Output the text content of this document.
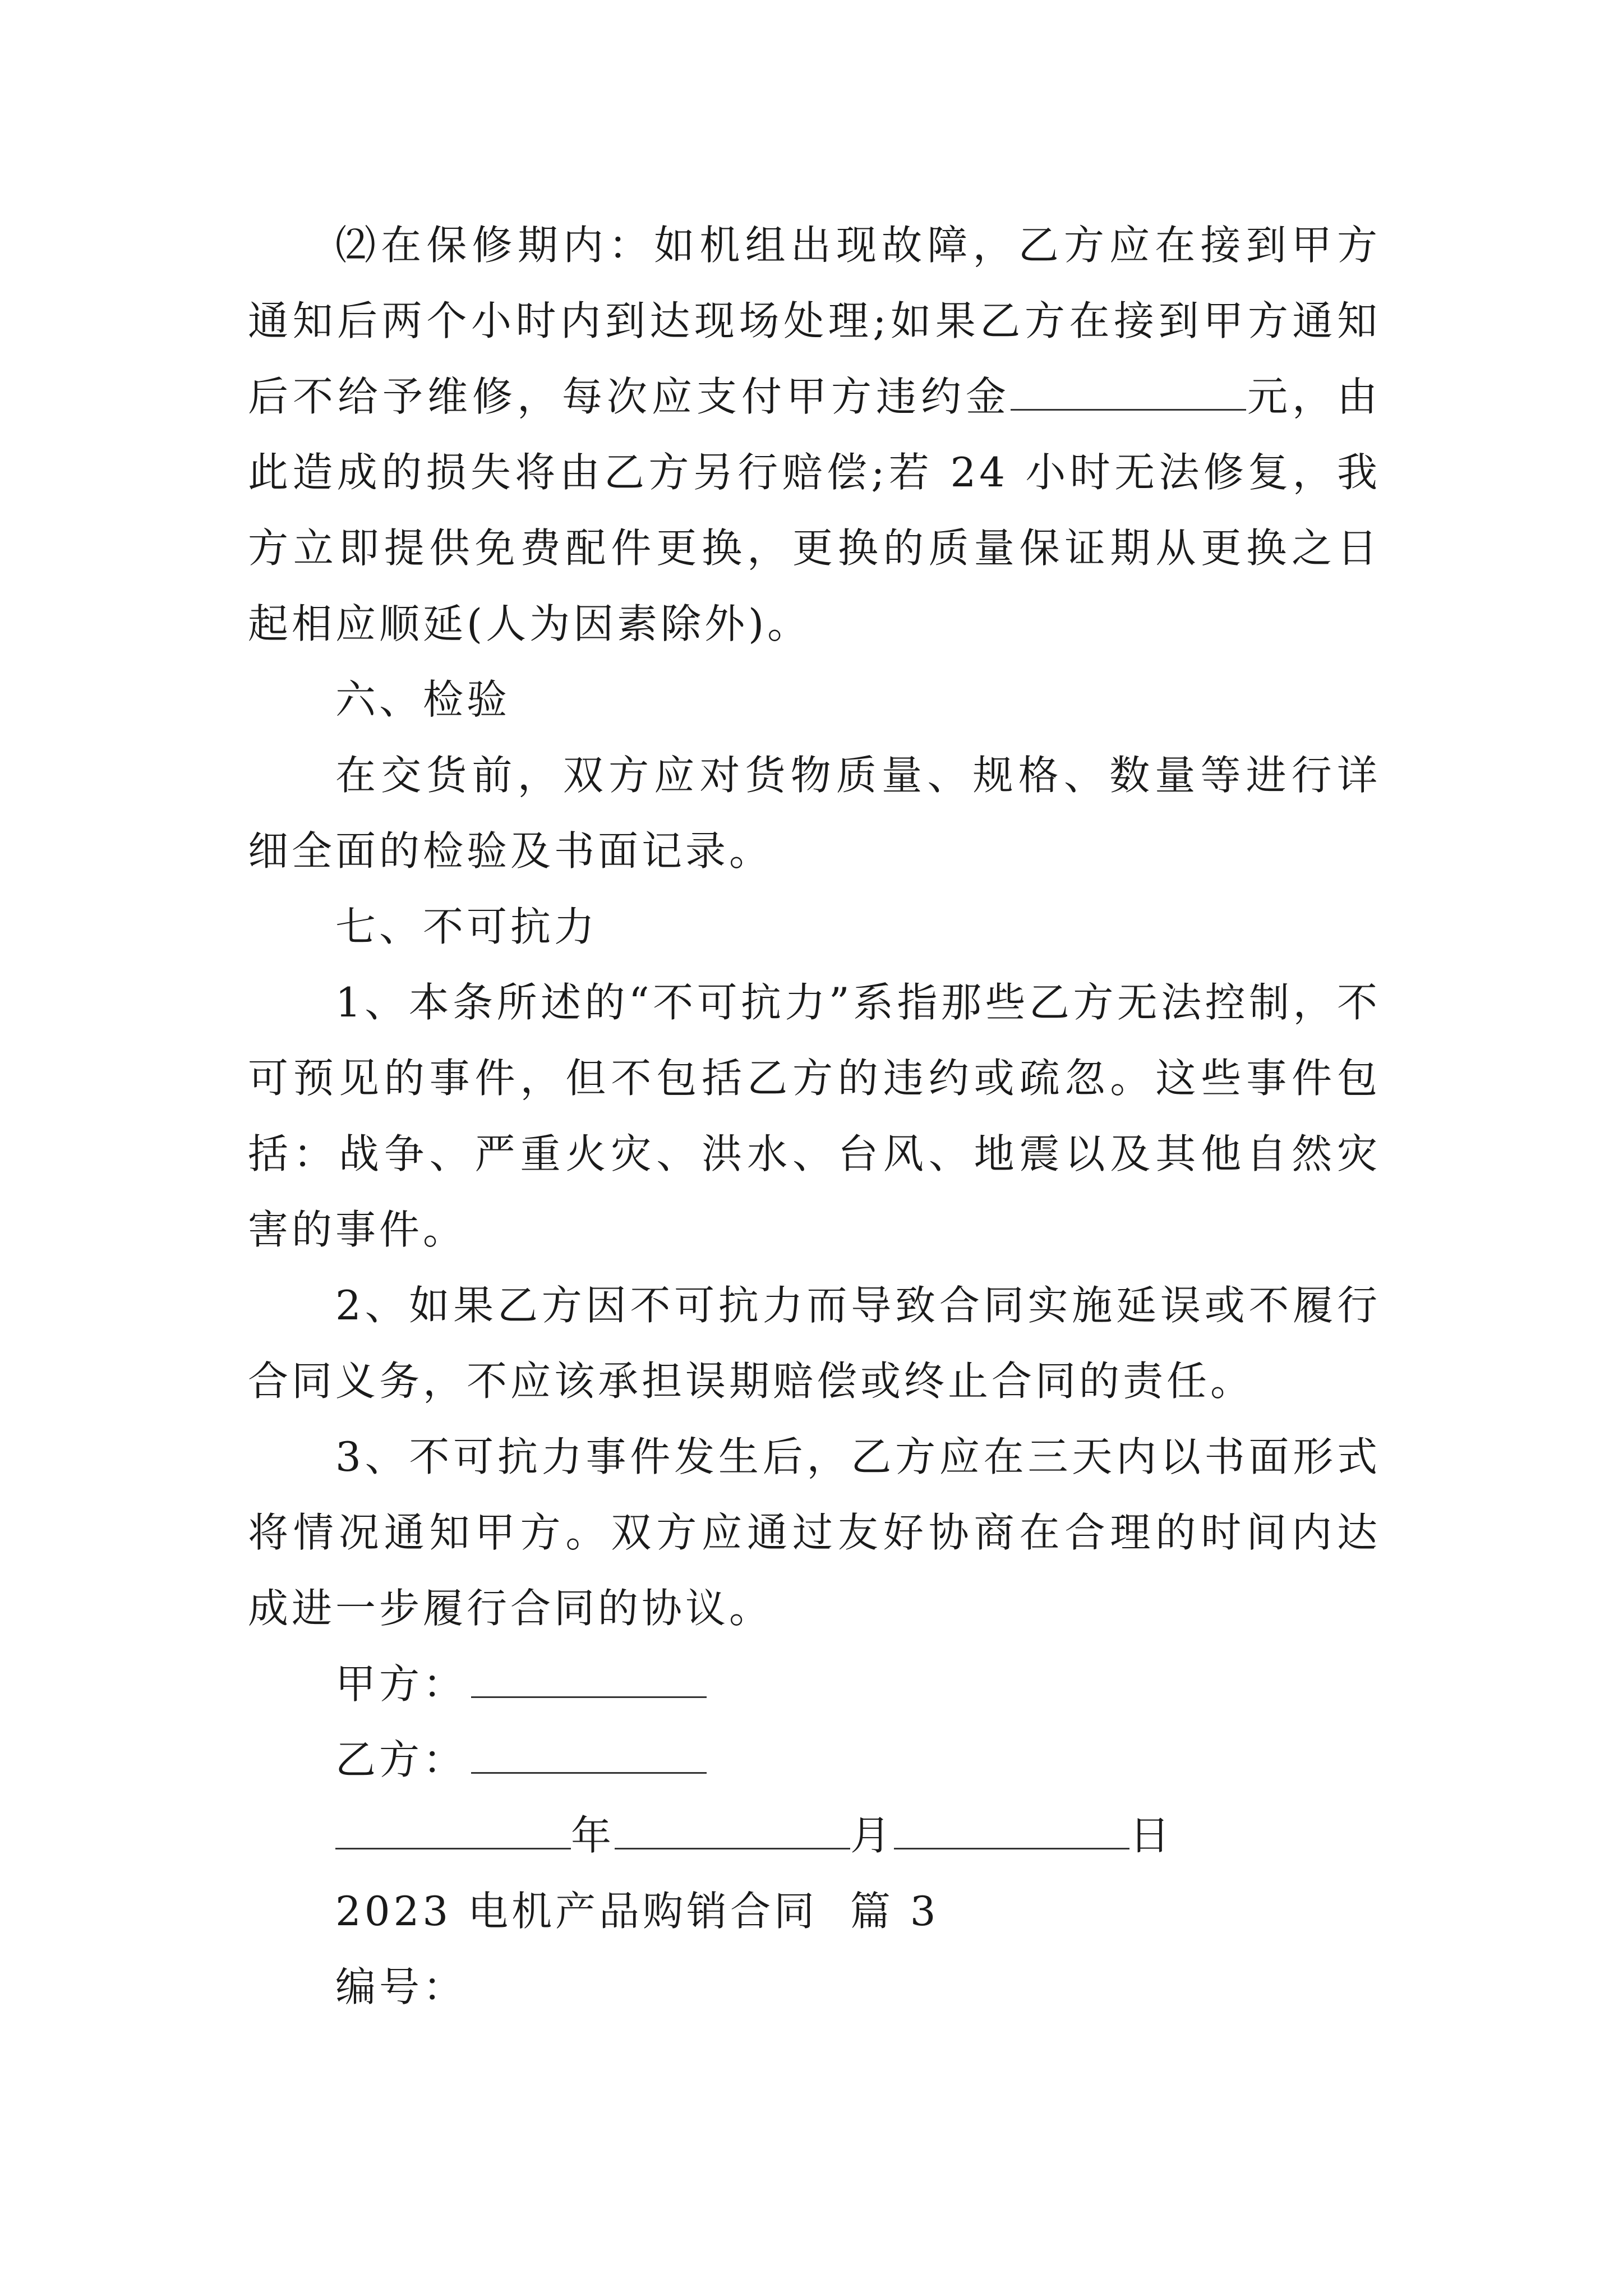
⑵在保修期内：如机组出现故障，乙方应在接到甲方通知后两个小时内到达现场处理;如果乙方在接到甲方通知后不给予维修，每次应支付甲方违约金	元，由此造成的损失将由乙方另行赔偿;若 24 小时无法修复，我方立即提供免费配件更换，更换的质量保证期从更换之日起相应顺延(人为因素除外)。

六、检验

在交货前，双方应对货物质量、规格、数量等进行详细全面的检验及书面记录。

七、不可抗力

1、本条所述的“不可抗力”系指那些乙方无法控制，不可预见的事件，但不包括乙方的违约或疏忽。这些事件包括：战争、严重火灾、洪水、台风、地震以及其他自然灾害的事件。

2、如果乙方因不可抗力而导致合同实施延误或不履行合同义务，不应该承担误期赔偿或终止合同的责任。

3、不可抗力事件发生后，乙方应在三天内以书面形式将情况通知甲方。双方应通过友好协商在合理的时间内达成进一步履行合同的协议。

甲方：

乙方：

年	月	日

2023 电机产品购销合同  篇 3

编号：
